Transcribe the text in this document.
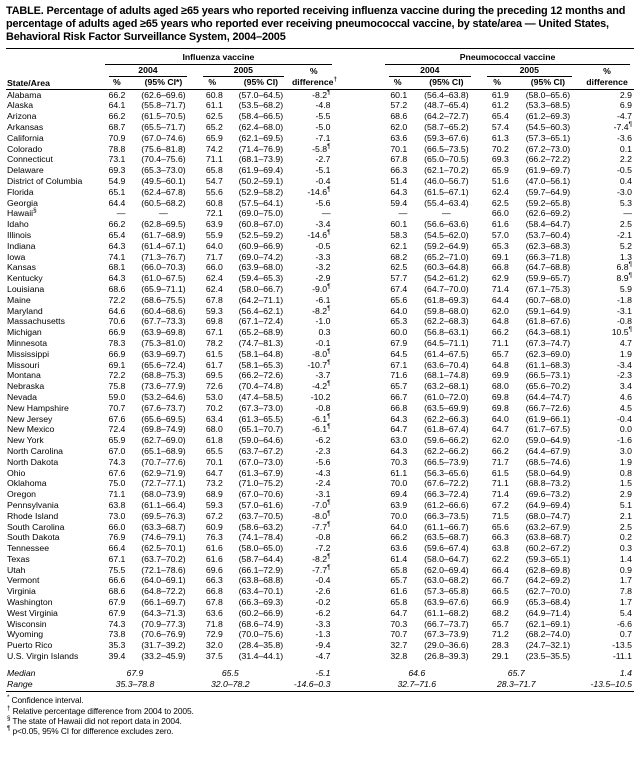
TABLE. Percentage of adults aged ≥65 years who reported receiving influenza vaccine during the preceding 12 months and percentage of adults aged ≥65 years who reported ever receiving pneumococcal vaccine, by state/area — United States, Behavioral Risk Factor Surveillance System, 2004–2005
State/Area	Influenza vaccine						Pneumococcal vaccine				

	2004		2005		%		2004		2005		%
	%	(95% CI*)	%	(95% CI)	difference†		%	(95% CI)	%	(95% CI)	difference
Alabama	66.2	(62.6–69.6)	60.8	(57.0–64.5)	-8.2¶		60.1	(56.4–63.8)	61.9	(58.0–65.6)	2.9
Alaska	64.1	(55.8–71.7)	61.1	(53.5–68.2)	-4.8		57.2	(48.7–65.4)	61.2	(53.3–68.5)	6.9
Arizona	66.2	(61.5–70.5)	62.5	(58.4–66.5)	-5.5		68.6	(64.2–72.7)	65.4	(61.2–69.3)	-4.7
Arkansas	68.7	(65.5–71.7)	65.2	(62.4–68.0)	-5.0		62.0	(58.7–65.2)	57.4	(54.5–60.3)	-7.4¶
California	70.9	(67.0–74.6)	65.9	(62.1–69.5)	-7.1		63.6	(59.3–67.6)	61.3	(57.3–65.1)	-3.6
Colorado	78.8	(75.6–81.8)	74.2	(71.4–76.9)	-5.8¶		70.1	(66.5–73.5)	70.2	(67.2–73.0)	0.1
Connecticut	73.1	(70.4–75.6)	71.1	(68.1–73.9)	-2.7		67.8	(65.0–70.5)	69.3	(66.2–72.2)	2.2
Delaware	69.3	(65.3–73.0)	65.8	(61.9–69.4)	-5.1		66.3	(62.1–70.2)	65.9	(61.9–69.7)	-0.5
District of Columbia	54.9	(49.5–60.1)	54.7	(50.2–59.1)	-0.4		51.4	(46.0–56.7)	51.6	(47.0–56.1)	0.4
Florida	65.1	(62.4–67.8)	55.6	(52.9–58.2)	-14.6¶		64.3	(61.5–67.1)	62.4	(59.7–64.9)	-3.0
Georgia	64.4	(60.5–68.2)	60.8	(57.5–64.1)	-5.6		59.4	(55.4–63.4)	62.5	(59.2–65.8)	5.3
Hawaii§	—	—	72.1	(69.0–75.0)	—		—	—	66.0	(62.6–69.2)	—
Idaho	66.2	(62.8–69.5)	63.9	(60.8–67.0)	-3.4		60.1	(56.6–63.6)	61.6	(58.4–64.7)	2.5
Illinois	65.4	(61.7–68.9)	55.9	(52.5–59.2)	-14.6¶		58.3	(54.5–62.0)	57.0	(53.7–60.4)	-2.1
Indiana	64.3	(61.4–67.1)	64.0	(60.9–66.9)	-0.5		62.1	(59.2–64.9)	65.3	(62.3–68.3)	5.2
Iowa	74.1	(71.3–76.7)	71.7	(69.0–74.2)	-3.3		68.2	(65.2–71.0)	69.1	(66.3–71.8)	1.3
Kansas	68.1	(66.0–70.3)	66.0	(63.9–68.0)	-3.2		62.5	(60.3–64.8)	66.8	(64.7–68.8)	6.8¶
Kentucky	64.3	(61.0–67.5)	62.4	(59.4–65.3)	-2.9		57.7	(54.2–61.2)	62.9	(59.9–65.7)	8.9¶
Louisiana	68.6	(65.9–71.1)	62.4	(58.0–66.7)	-9.0¶		67.4	(64.7–70.0)	71.4	(67.1–75.3)	5.9
Maine	72.2	(68.6–75.5)	67.8	(64.2–71.1)	-6.1		65.6	(61.8–69.3)	64.4	(60.7–68.0)	-1.8
Maryland	64.6	(60.4–68.6)	59.3	(56.4–62.1)	-8.2¶		64.0	(59.8–68.0)	62.0	(59.1–64.9)	-3.1
Massachusetts	70.6	(67.7–73.3)	69.8	(67.1–72.4)	-1.0		65.3	(62.2–68.3)	64.8	(61.8–67.6)	-0.8
Michigan	66.9	(63.9–69.8)	67.1	(65.2–68.9)	0.3		60.0	(56.8–63.1)	66.2	(64.3–68.1)	10.5¶
Minnesota	78.3	(75.3–81.0)	78.2	(74.7–81.3)	-0.1		67.9	(64.5–71.1)	71.1	(67.3–74.7)	4.7
Mississippi	66.9	(63.9–69.7)	61.5	(58.1–64.8)	-8.0¶		64.5	(61.4–67.5)	65.7	(62.3–69.0)	1.9
Missouri	69.1	(65.6–72.4)	61.7	(58.1–65.3)	-10.7¶		67.1	(63.6–70.4)	64.8	(61.1–68.3)	-3.4
Montana	72.2	(68.8–75.3)	69.5	(66.2–72.6)	-3.7		71.6	(68.1–74.8)	69.9	(66.5–73.1)	-2.3
Nebraska	75.8	(73.6–77.9)	72.6	(70.4–74.8)	-4.2¶		65.7	(63.2–68.1)	68.0	(65.6–70.2)	3.4
Nevada	59.0	(53.2–64.6)	53.0	(47.4–58.5)	-10.2		66.7	(61.0–72.0)	69.8	(64.4–74.7)	4.6
New Hampshire	70.7	(67.6–73.7)	70.2	(67.3–73.0)	-0.8		66.8	(63.5–69.9)	69.8	(66.7–72.6)	4.5
New Jersey	67.6	(65.6–69.5)	63.4	(61.3–65.5)	-6.1¶		64.3	(62.2–66.3)	64.0	(61.9–66.1)	-0.4
New Mexico	72.4	(69.8–74.9)	68.0	(65.1–70.7)	-6.1¶		64.7	(61.8–67.4)	64.7	(61.7–67.5)	0.0
New York	65.9	(62.7–69.0)	61.8	(59.0–64.6)	-6.2		63.0	(59.6–66.2)	62.0	(59.0–64.9)	-1.6
North Carolina	67.0	(65.1–68.9)	65.5	(63.7–67.2)	-2.3		64.3	(62.2–66.2)	66.2	(64.4–67.9)	3.0
North Dakota	74.3	(70.7–77.6)	70.1	(67.0–73.0)	-5.6		70.3	(66.5–73.9)	71.7	(68.5–74.6)	1.9
Ohio	67.6	(62.9–71.9)	64.7	(61.3–67.9)	-4.3		61.1	(56.3–65.6)	61.5	(58.0–64.9)	0.8
Oklahoma	75.0	(72.7–77.1)	73.2	(71.0–75.2)	-2.4		70.0	(67.6–72.2)	71.1	(68.8–73.2)	1.5
Oregon	71.1	(68.0–73.9)	68.9	(67.0–70.6)	-3.1		69.4	(66.3–72.4)	71.4	(69.6–73.2)	2.9
Pennsylvania	63.8	(61.1–66.4)	59.3	(57.0–61.6)	-7.0¶		63.9	(61.2–66.6)	67.2	(64.9–69.4)	5.1
Rhode Island	73.0	(69.5–76.3)	67.2	(63.7–70.5)	-8.0¶		70.0	(66.3–73.5)	71.5	(68.0–74.7)	2.1
South Carolina	66.0	(63.3–68.7)	60.9	(58.6–63.2)	-7.7¶		64.0	(61.1–66.7)	65.6	(63.2–67.9)	2.5
South Dakota	76.9	(74.6–79.1)	76.3	(74.1–78.4)	-0.8		66.2	(63.5–68.7)	66.3	(63.8–68.7)	0.2
Tennessee	66.4	(62.5–70.1)	61.6	(58.0–65.0)	-7.2		63.6	(59.6–67.4)	63.8	(60.2–67.2)	0.3
Texas	67.1	(63.7–70.2)	61.6	(58.7–64.4)	-8.2¶		61.4	(58.0–64.7)	62.2	(59.3–65.1)	1.4
Utah	75.5	(72.1–78.6)	69.6	(66.1–72.9)	-7.7¶		65.8	(62.0–69.4)	66.4	(62.8–69.8)	0.9
Vermont	66.6	(64.0–69.1)	66.3	(63.8–68.8)	-0.4		65.7	(63.0–68.2)	66.7	(64.2–69.2)	1.7
Virginia	68.6	(64.8–72.2)	66.8	(63.4–70.1)	-2.6		61.6	(57.3–65.8)	66.5	(62.7–70.0)	7.8
Washington	67.9	(66.1–69.7)	67.8	(66.3–69.3)	-0.2		65.8	(63.9–67.6)	66.9	(65.3–68.4)	1.7
West Virginia	67.9	(64.3–71.3)	63.6	(60.2–66.9)	-6.2		64.7	(61.1–68.2)	68.2	(64.9–71.4)	5.4
Wisconsin	74.3	(70.9–77.3)	71.8	(68.6–74.9)	-3.3		70.3	(66.7–73.7)	65.7	(62.1–69.1)	-6.6
Wyoming	73.8	(70.6–76.9)	72.9	(70.0–75.6)	-1.3		70.7	(67.3–73.9)	71.2	(68.2–74.0)	0.7
Puerto Rico	35.3	(31.7–39.2)	32.0	(28.4–35.8)	-9.4		32.7	(29.0–36.6)	28.3	(24.7–32.1)	-13.5
U.S. Virgin Islands	39.4	(33.2–45.9)	37.5	(31.4–44.1)	-4.7		32.8	(26.8–39.3)	29.1	(23.5–35.5)	-11.1
Median	67.9		65.5		-5.1		64.6		65.7		1.4
Range	35.3–78.8		32.0–78.2		-14.6–0.3		32.7–71.6		28.3–71.7		-13.5–10.5
* Confidence interval.
† Relative percentage difference from 2004 to 2005.
§ The state of Hawaii did not report data in 2004.
¶ p<0.05, 95% CI for difference excludes zero.
